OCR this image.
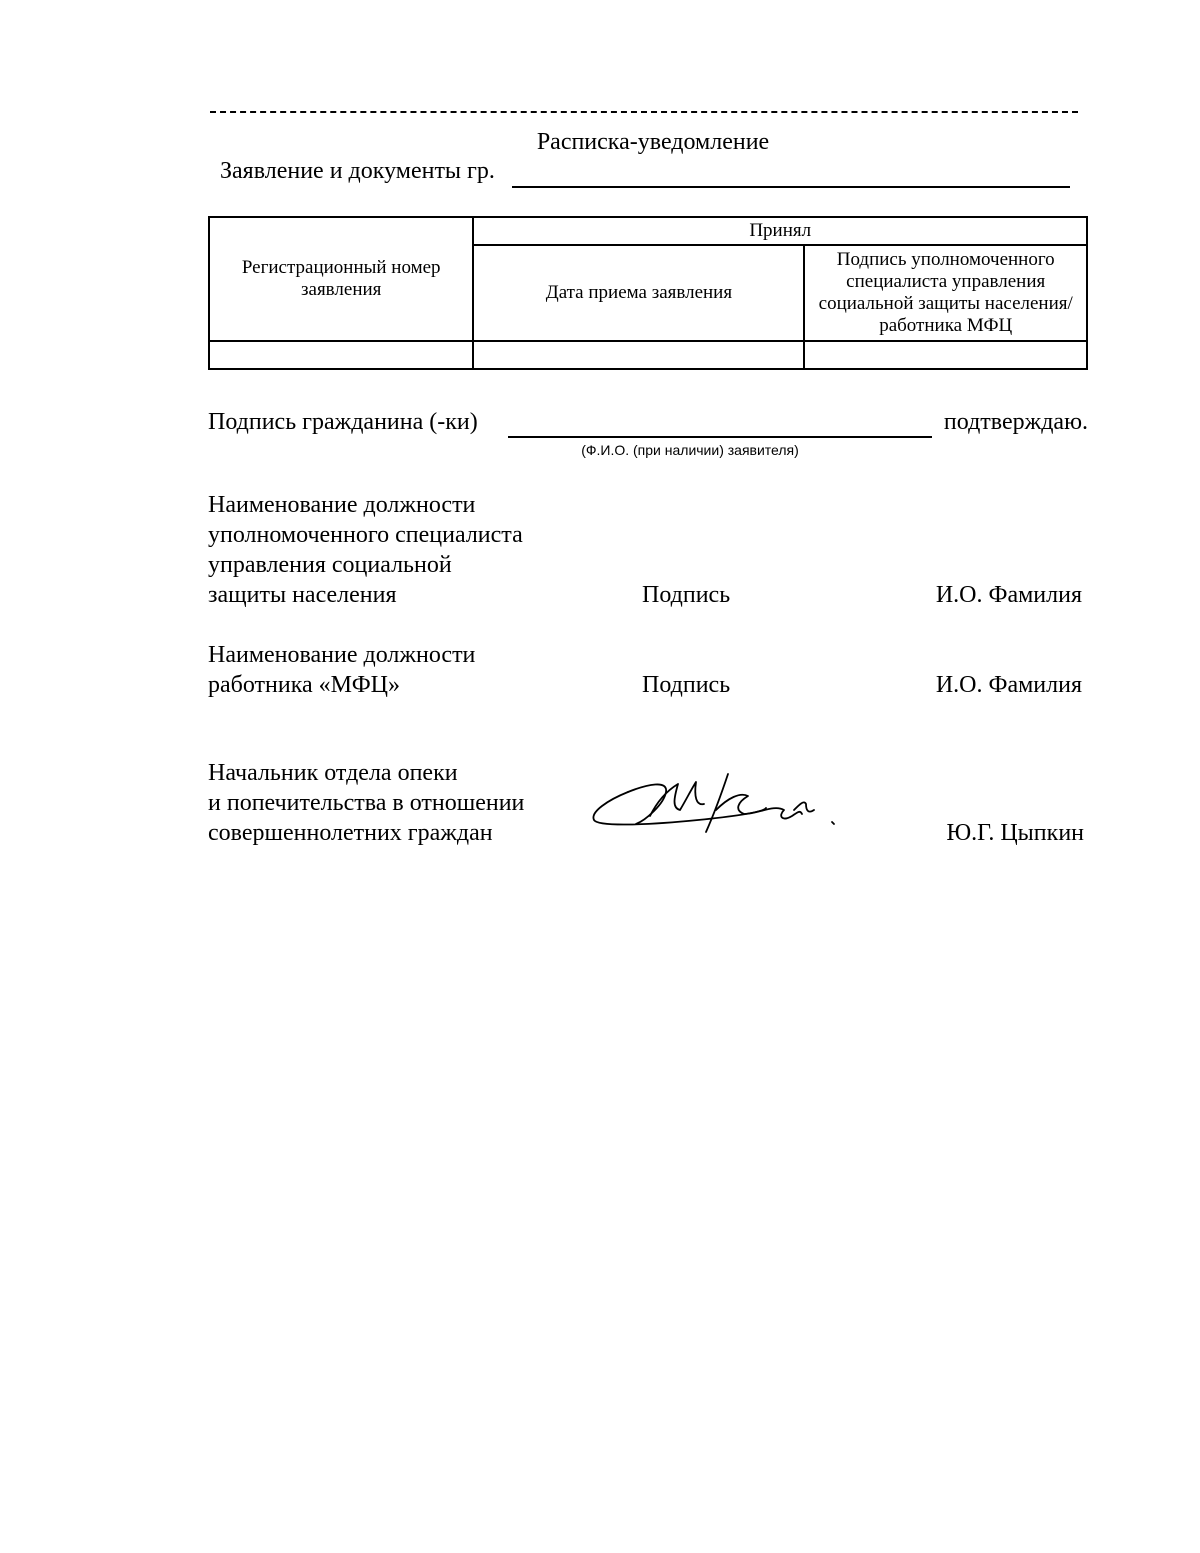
Расписка-уведомление
Заявление и документы гр.
Регистрационный номер заявления	Принял	
	Дата приема заявления	Подпись уполномоченного специалиста управления социальной защиты населения/работника МФЦ

Подпись гражданина (-ки)	подтверждаю.
(Ф.И.О. (при наличии) заявителя)
Наименование должности
уполномоченного специалиста
управления социальной
защиты населения	Подпись	И.О. Фамилия
Наименование должности
работника «МФЦ»	Подпись	И.О. Фамилия
Начальник отдела опеки
и попечительства в отношении
совершеннолетних граждан	Ю.Г. Цыпкин
